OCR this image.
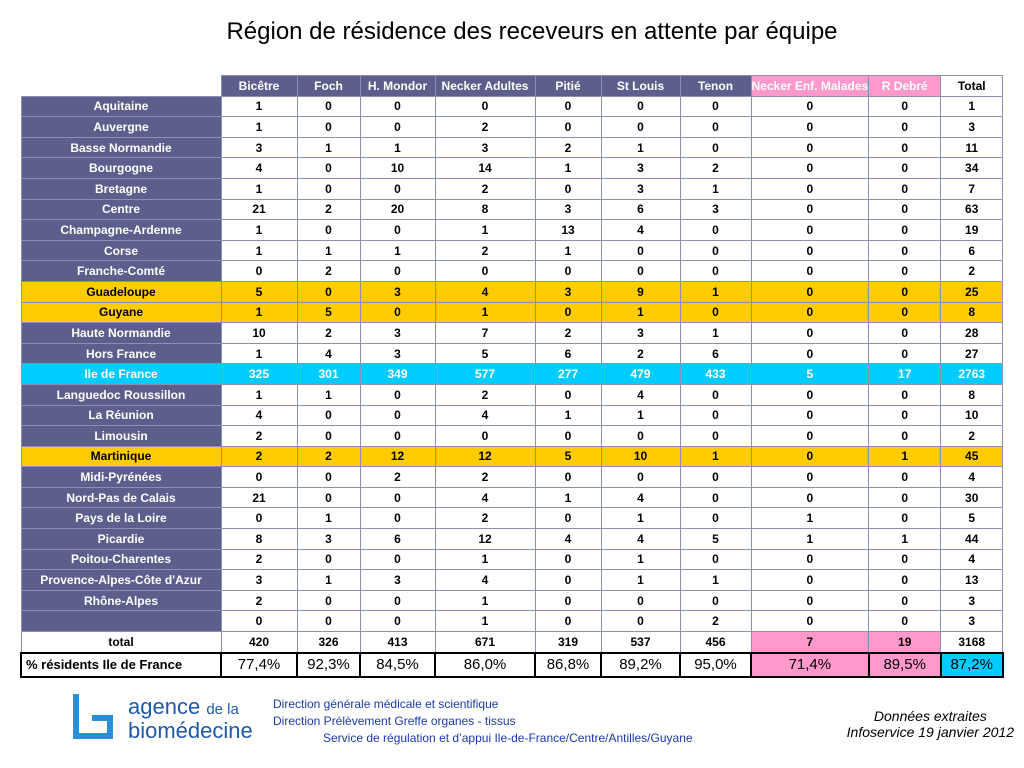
Région de résidence des receveurs en attente par équipe
	Bicêtre	Foch	H. Mondor	Necker Adultes	Pitié	St Louis	Tenon	Necker Enf. Malades	R Debré	Total
Aquitaine	1	0	0	0	0	0	0	0	0	1
Auvergne	1	0	0	2	0	0	0	0	0	3
Basse Normandie	3	1	1	3	2	1	0	0	0	11
Bourgogne	4	0	10	14	1	3	2	0	0	34
Bretagne	1	0	0	2	0	3	1	0	0	7
Centre	21	2	20	8	3	6	3	0	0	63
Champagne-Ardenne	1	0	0	1	13	4	0	0	0	19
Corse	1	1	1	2	1	0	0	0	0	6
Franche-Comté	0	2	0	0	0	0	0	0	0	2
Guadeloupe	5	0	3	4	3	9	1	0	0	25
Guyane	1	5	0	1	0	1	0	0	0	8
Haute Normandie	10	2	3	7	2	3	1	0	0	28
Hors France	1	4	3	5	6	2	6	0	0	27
Ile de France	325	301	349	577	277	479	433	5	17	2763
Languedoc Roussillon	1	1	0	2	0	4	0	0	0	8
La Réunion	4	0	0	4	1	1	0	0	0	10
Limousin	2	0	0	0	0	0	0	0	0	2
Martinique	2	2	12	12	5	10	1	0	1	45
Midi-Pyrénées	0	0	2	2	0	0	0	0	0	4
Nord-Pas de Calais	21	0	0	4	1	4	0	0	0	30
Pays de la Loire	0	1	0	2	0	1	0	1	0	5
Picardie	8	3	6	12	4	4	5	1	1	44
Poitou-Charentes	2	0	0	1	0	1	0	0	0	4
Provence-Alpes-Côte d'Azur	3	1	3	4	0	1	1	0	0	13
Rhône-Alpes	2	0	0	1	0	0	0	0	0	3
	0	0	0	1	0	0	2	0	0	3
total	420	326	413	671	319	537	456	7	19	3168
% résidents Ile de France	77,4%	92,3%	84,5%	86,0%	86,8%	89,2%	95,0%	71,4%	89,5%	87,2%
agence de la
biomédecine
Direction générale médicale et scientifique
Direction Prélèvement Greffe organes - tissus
Service de régulation et d’appui Ile-de-France/Centre/Antilles/Guyane
Données extraites
Infoservice 19 janvier 2012
